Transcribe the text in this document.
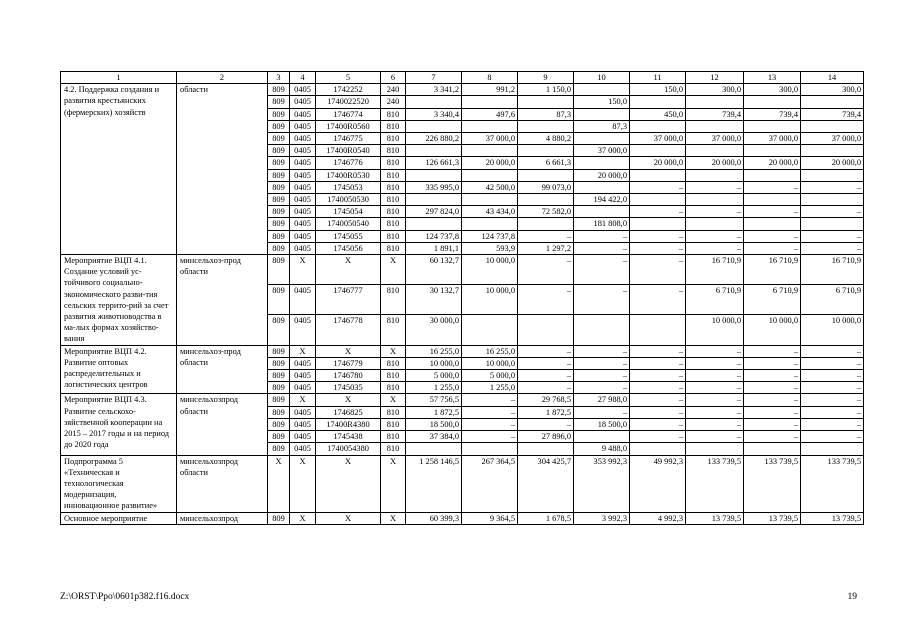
1	2	3	4	5	6	7	8	9	10	11	12	13	14
4.2. Поддержка создания и развития крестьянских (фермерских) хозяйств	области	809	0405	1742252	240	3 341,2	991,2	1 150,0		150,0	300,0	300,0	300,0
		809	0405	1740022520	240				150,0				
		809	0405	1746774	810	3 340,4	497,6	87,3		450,0	739,4	739,4	739,4
		809	0405	17400R0560	810				87,3				
		809	0405	1746775	810	226 880,2	37 000,0	4 880,2		37 000,0	37 000,0	37 000,0	37 000,0
		809	0405	17400R0540	810				37 000,0				
		809	0405	1746776	810	126 661,3	20 000,0	6 661,3		20 000,0	20 000,0	20 000,0	20 000,0
		809	0405	17400R0530	810				20 000,0				
		809	0405	1745053	810	335 995,0	42 500,0	99 073,0		–	–	–	–
		809	0405	1740050530	810				194 422,0				
		809	0405	1745054	810	297 824,0	43 434,0	72 582,0		–	–	–	–
		809	0405	1740050540	810				181 808,0				
		809	0405	1745055	810	124 737,8	124 737,8	–	–	–	–	–	–
		809	0405	1745056	810	1 891,1	593,9	1 297,2	–	–	–	–	–
Мероприятие ВЦП 4.1. Создание условий ус-тойчивого социально-экономического разви-тия сельских террито-рий за счет развития животноводства в ма-лых формах хозяйство-вания	минсельхоз-прод области	809	Х	Х	Х	60 132,7	10 000,0	–	–	–	16 710,9	16 710,9	16 710,9
		809	0405	1746777	810	30 132,7	10 000,0	–	–	–	6 710,9	6 710,9	6 710,9
		809	0405	1746778	810	30 000,0					10 000,0	10 000,0	10 000,0
Мероприятие ВЦП 4.2. Развитие оптовых распределительных и логистических центров	минсельхоз-прод области	809	Х	Х	Х	16 255,0	16 255,0	–	–	–	–	–	–
		809	0405	1746779	810	10 000,0	10 000,0	–	–	–	–	–	–
		809	0405	1746780	810	5 000,0	5 000,0	–	–	–	–	–	–
		809	0405	1745035	810	1 255,0	1 255,0	–	–	–	–	–	–
Мероприятие ВЦП 4.3. Развитие сельскохо-зяйственной кооперации на 2015 – 2017 годы и на период до 2020 года	минсельхозпрод области	809	Х	Х	Х	57 756,5	–	29 768,5	27 988,0	–	–	–	–
		809	0405	1746825	810	1 872,5	–	1 872,5	–	–	–	–	–
		809	0405	17400R4380	810	18 500,0	–	–	18 500,0	–	–	–	–
		809	0405	1745438	810	37 384,0	–	27 896,0		–	–	–	–
		809	0405	1740054380	810				9 488,0				
Подпрограмма 5 «Техническая и технологическая модернизация, инновационное развитие»	минсельхозпрод области	Х	Х	Х	Х	1 258 146,5	267 364,5	304 425,7	353 992,3	49 992,3	133 739,5	133 739,5	133 739,5
Основное мероприятие	минсельхозпрод	809	Х	Х	Х	60 399,3	9 364,5	1 678,5	3 992,3	4 992,3	13 739,5	13 739,5	13 739,5
Z:\ORST\Ppo\0601p382.f16.docx	19
